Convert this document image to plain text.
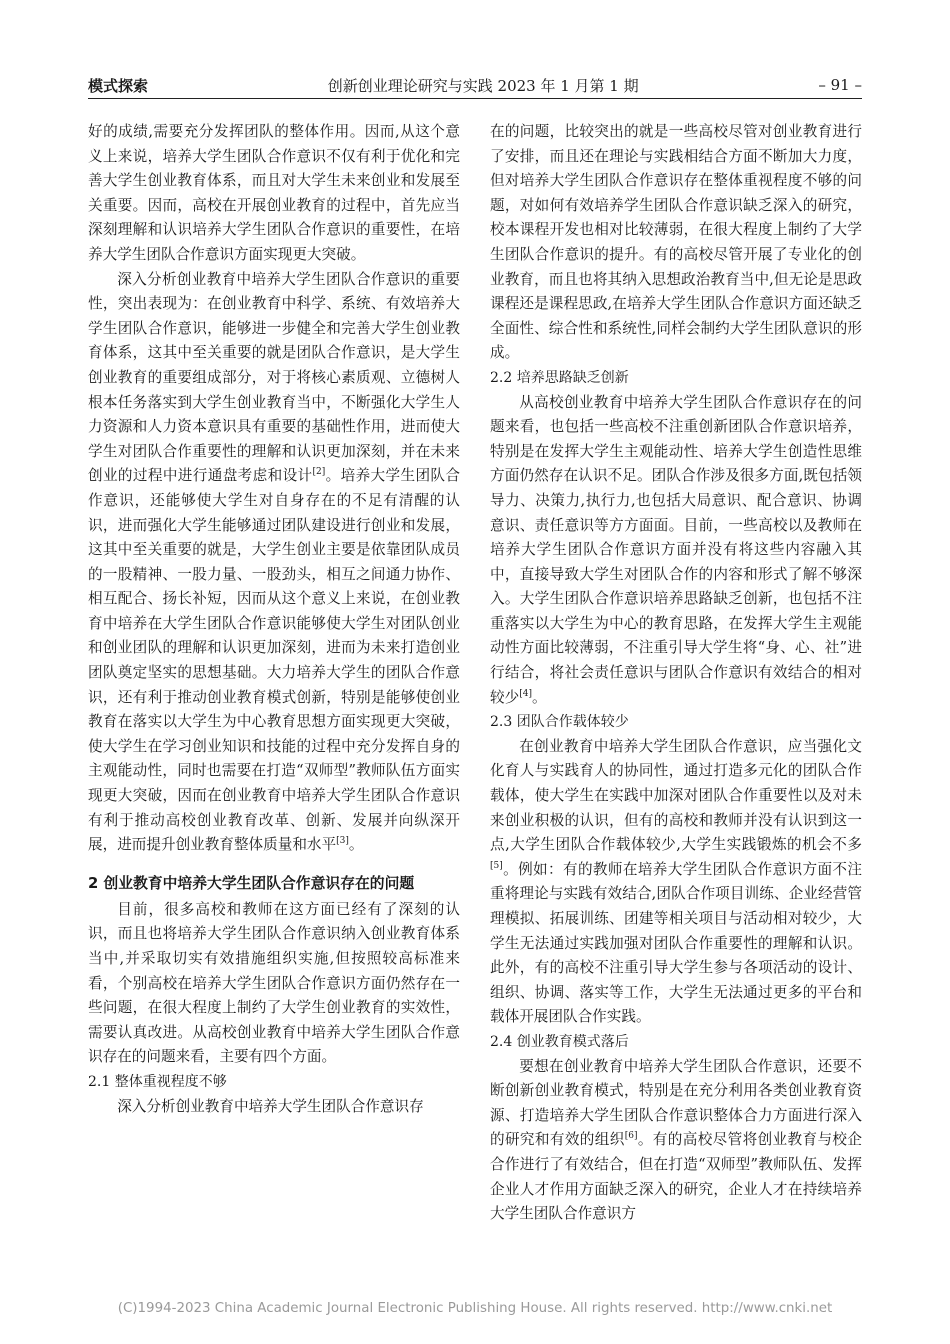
模式探索	创新创业理论研究与实践 2023 年 1 月第 1 期	– 91 –

好的成绩,需要充分发挥团队的整体作用。因而,从这个意义上来说，培养大学生团队合作意识不仅有利于优化和完善大学生创业教育体系，而且对大学生未来创业和发展至关重要。因而，高校在开展创业教育的过程中，首先应当深刻理解和认识培养大学生团队合作意识的重要性，在培养大学生团队合作意识方面实现更大突破。

深入分析创业教育中培养大学生团队合作意识的重要性，突出表现为：在创业教育中科学、系统、有效培养大学生团队合作意识，能够进一步健全和完善大学生创业教育体系，这其中至关重要的就是团队合作意识，是大学生创业教育的重要组成部分，对于将核心素质观、立德树人根本任务落实到大学生创业教育当中，不断强化大学生人力资源和人力资本意识具有重要的基础性作用，进而使大学生对团队合作重要性的理解和认识更加深刻，并在未来创业的过程中进行通盘考虑和设计[2]。培养大学生团队合作意识，还能够使大学生对自身存在的不足有清醒的认识，进而强化大学生能够通过团队建设进行创业和发展，这其中至关重要的就是，大学生创业主要是依靠团队成员的一股精神、一股力量、一股劲头，相互之间通力协作、相互配合、扬长补短，因而从这个意义上来说，在创业教育中培养在大学生团队合作意识能够使大学生对团队创业和创业团队的理解和认识更加深刻，进而为未来打造创业团队奠定坚实的思想基础。大力培养大学生的团队合作意识，还有利于推动创业教育模式创新，特别是能够使创业教育在落实以大学生为中心教育思想方面实现更大突破，使大学生在学习创业知识和技能的过程中充分发挥自身的主观能动性，同时也需要在打造“双师型”教师队伍方面实现更大突破，因而在创业教育中培养大学生团队合作意识有利于推动高校创业教育改革、创新、发展并向纵深开展，进而提升创业教育整体质量和水平[3]。

2 创业教育中培养大学生团队合作意识存在的问题

目前，很多高校和教师在这方面已经有了深刻的认识，而且也将培养大学生团队合作意识纳入创业教育体系当中,并采取切实有效措施组织实施,但按照较高标准来看，个别高校在培养大学生团队合作意识方面仍然存在一些问题，在很大程度上制约了大学生创业教育的实效性，需要认真改进。从高校创业教育中培养大学生团队合作意识存在的问题来看，主要有四个方面。

2.1 整体重视程度不够

深入分析创业教育中培养大学生团队合作意识存

在的问题，比较突出的就是一些高校尽管对创业教育进行了安排，而且还在理论与实践相结合方面不断加大力度，但对培养大学生团队合作意识存在整体重视程度不够的问题，对如何有效培养学生团队合作意识缺乏深入的研究，校本课程开发也相对比较薄弱，在很大程度上制约了大学生团队合作意识的提升。有的高校尽管开展了专业化的创业教育，而且也将其纳入思想政治教育当中,但无论是思政课程还是课程思政,在培养大学生团队合作意识方面还缺乏全面性、综合性和系统性,同样会制约大学生团队意识的形成。

2.2 培养思路缺乏创新

从高校创业教育中培养大学生团队合作意识存在的问题来看，也包括一些高校不注重创新团队合作意识培养，特别是在发挥大学生主观能动性、培养大学生创造性思维方面仍然存在认识不足。团队合作涉及很多方面,既包括领导力、决策力,执行力,也包括大局意识、配合意识、协调意识、责任意识等方方面面。目前，一些高校以及教师在培养大学生团队合作意识方面并没有将这些内容融入其中，直接导致大学生对团队合作的内容和形式了解不够深入。大学生团队合作意识培养思路缺乏创新，也包括不注重落实以大学生为中心的教育思路，在发挥大学生主观能动性方面比较薄弱，不注重引导大学生将“身、心、社”进行结合，将社会责任意识与团队合作意识有效结合的相对较少[4]。

2.3 团队合作载体较少

在创业教育中培养大学生团队合作意识，应当强化文化育人与实践育人的协同性，通过打造多元化的团队合作载体，使大学生在实践中加深对团队合作重要性以及对未来创业积极的认识，但有的高校和教师并没有认识到这一点,大学生团队合作载体较少,大学生实践锻炼的机会不多[5]。例如：有的教师在培养大学生团队合作意识方面不注重将理论与实践有效结合,团队合作项目训练、企业经营管理模拟、拓展训练、团建等相关项目与活动相对较少，大学生无法通过实践加强对团队合作重要性的理解和认识。此外，有的高校不注重引导大学生参与各项活动的设计、组织、协调、落实等工作，大学生无法通过更多的平台和载体开展团队合作实践。

2.4 创业教育模式落后

要想在创业教育中培养大学生团队合作意识，还要不断创新创业教育模式，特别是在充分利用各类创业教育资源、打造培养大学生团队合作意识整体合力方面进行深入的研究和有效的组织[6]。有的高校尽管将创业教育与校企合作进行了有效结合，但在打造“双师型”教师队伍、发挥企业人才作用方面缺乏深入的研究，企业人才在持续培养大学生团队合作意识方

(C)1994-2023 China Academic Journal Electronic Publishing House. All rights reserved. http://www.cnki.net
